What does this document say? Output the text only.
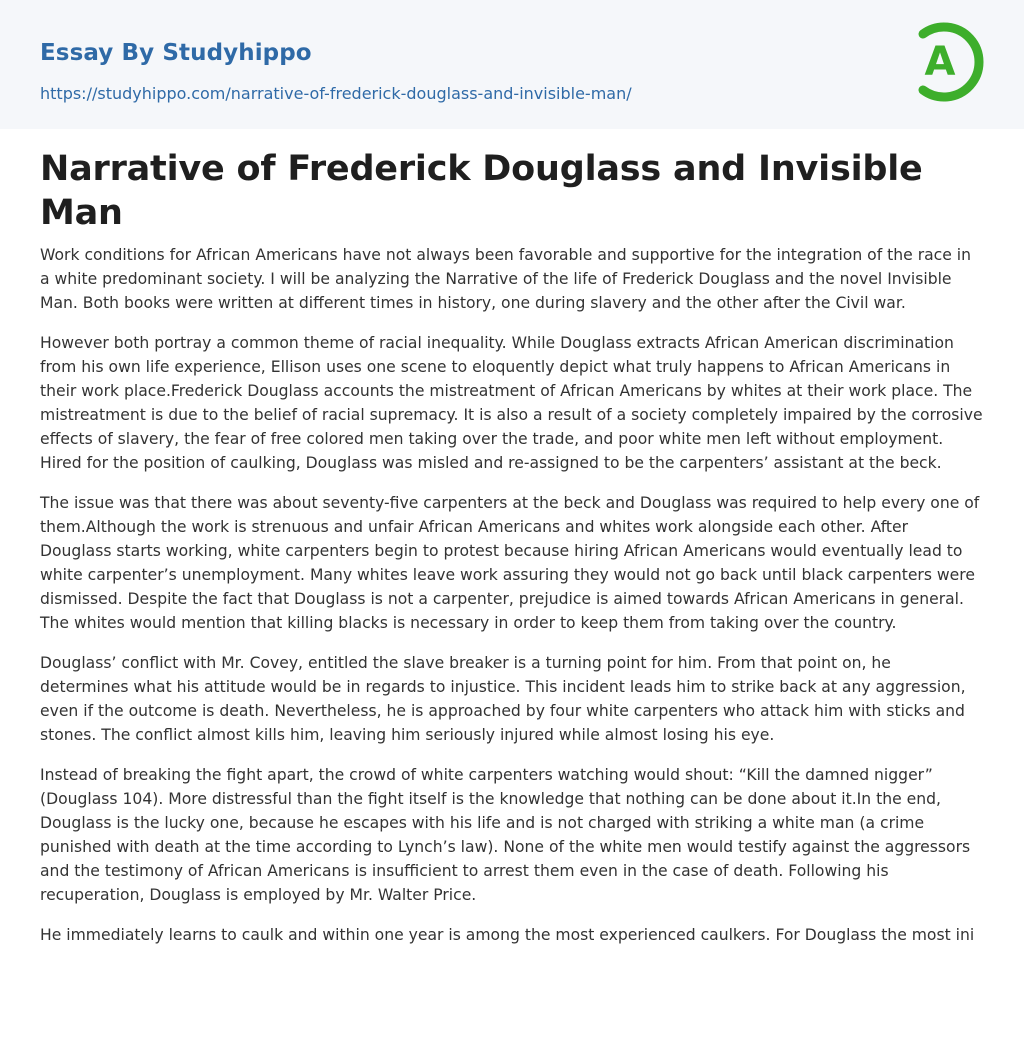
Essay By Studyhippo
https://studyhippo.com/narrative-of-frederick-douglass-and-invisible-man/
A
Narrative of Frederick Douglass and Invisible Man

Work conditions for African Americans have not always been favorable and supportive for the integration of the race in a white predominant society. I will be analyzing the Narrative of the life of Frederick Douglass and the novel Invisible Man. Both books were written at different times in history, one during slavery and the other after the Civil war.

However both portray a common theme of racial inequality. While Douglass extracts African American discrimination from his own life experience, Ellison uses one scene to eloquently depict what truly happens to African Americans in their work place.Frederick Douglass accounts the mistreatment of African Americans by whites at their work place. The mistreatment is due to the belief of racial supremacy. It is also a result of a society completely impaired by the corrosive effects of slavery, the fear of free colored men taking over the trade, and poor white men left without employment. Hired for the position of caulking, Douglass was misled and re-assigned to be the carpenters’ assistant at the beck.

The issue was that there was about seventy-five carpenters at the beck and Douglass was required to help every one of them.Although the work is strenuous and unfair African Americans and whites work alongside each other. After Douglass starts working, white carpenters begin to protest because hiring African Americans would eventually lead to white carpenter’s unemployment. Many whites leave work assuring they would not go back until black carpenters were dismissed. Despite the fact that Douglass is not a carpenter, prejudice is aimed towards African Americans in general. The whites would mention that killing blacks is necessary in order to keep them from taking over the country.

Douglass’ conflict with Mr. Covey, entitled the slave breaker is a turning point for him. From that point on, he determines what his attitude would be in regards to injustice. This incident leads him to strike back at any aggression, even if the outcome is death. Nevertheless, he is approached by four white carpenters who attack him with sticks and stones. The conflict almost kills him, leaving him seriously injured while almost losing his eye.

Instead of breaking the fight apart, the crowd of white carpenters watching would shout: “Kill the damned nigger” (Douglass 104). More distressful than the fight itself is the knowledge that nothing can be done about it.In the end, Douglass is the lucky one, because he escapes with his life and is not charged with striking a white man (a crime punished with death at the time according to Lynch’s law). None of the white men would testify against the aggressors and the testimony of African Americans is insufficient to arrest them even in the case of death. Following his recuperation, Douglass is employed by Mr. Walter Price.

He immediately learns to caulk and within one year is among the most experienced caulkers. For Douglass the most ini
